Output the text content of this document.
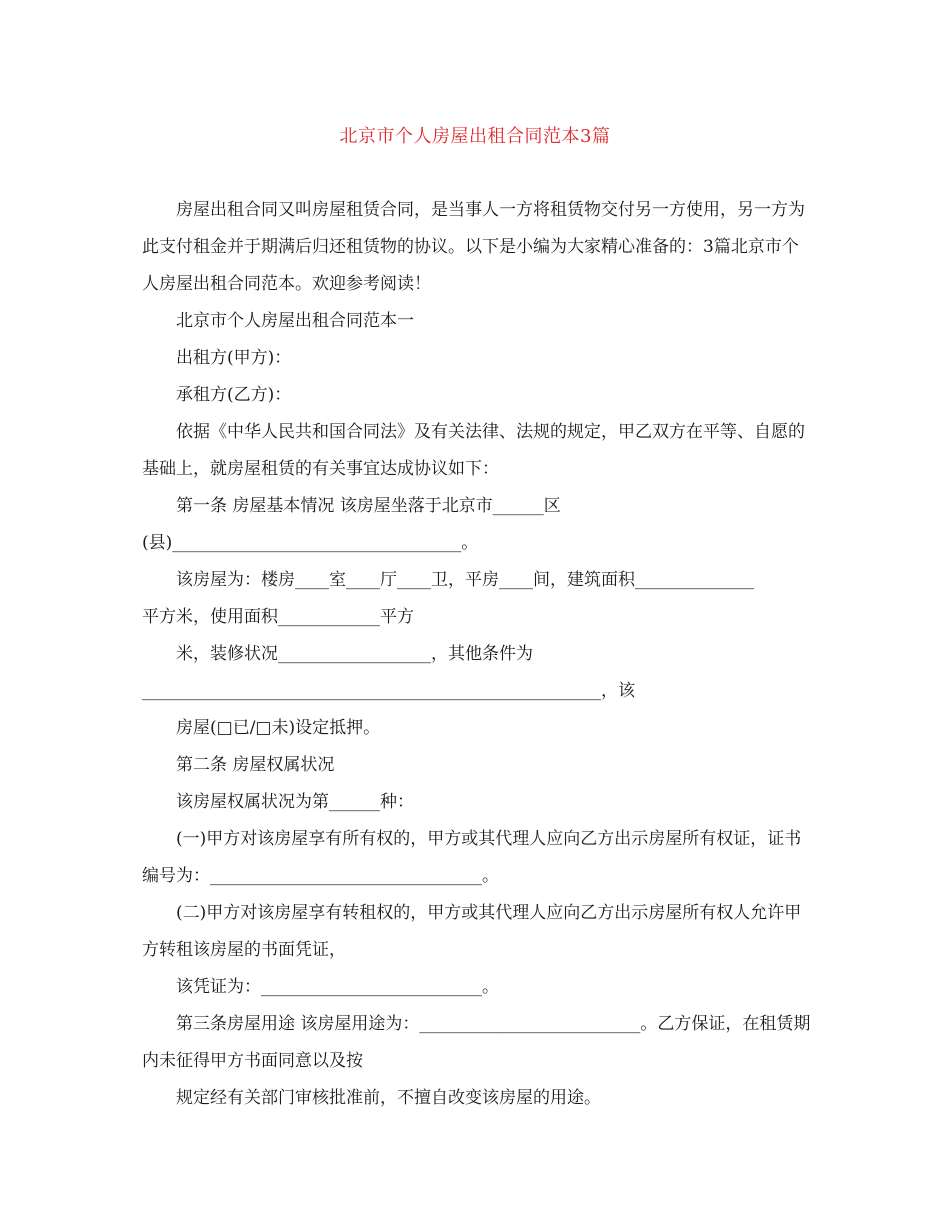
北京市个人房屋出租合同范本3篇

房屋出租合同又叫房屋租赁合同，是当事人一方将租赁物交付另一方使用，另一方为此支付租金并于期满后归还租赁物的协议。以下是小编为大家精心准备的：3篇北京市个人房屋出租合同范本。欢迎参考阅读！

北京市个人房屋出租合同范本一

出租方(甲方)：

承租方(乙方)：

依据《中华人民共和国合同法》及有关法律、法规的规定，甲乙双方在平等、自愿的基础上，就房屋租赁的有关事宜达成协议如下：

第一条 房屋基本情况 该房屋坐落于北京市______区

(县)__________________________________。

该房屋为：楼房____室____厅____卫，平房____间，建筑面积______________

平方米，使用面积____________平方

米，装修状况__________________，其他条件为

______________________________________________________，该

房屋(□已/□未)设定抵押。

第二条 房屋权属状况

该房屋权属状况为第______种：

(一)甲方对该房屋享有所有权的，甲方或其代理人应向乙方出示房屋所有权证，证书编号为：________________________________。

(二)甲方对该房屋享有转租权的，甲方或其代理人应向乙方出示房屋所有权人允许甲方转租该房屋的书面凭证，

该凭证为：__________________________。

第三条房屋用途 该房屋用途为：__________________________。乙方保证，在租赁期内未征得甲方书面同意以及按

规定经有关部门审核批准前，不擅自改变该房屋的用途。
